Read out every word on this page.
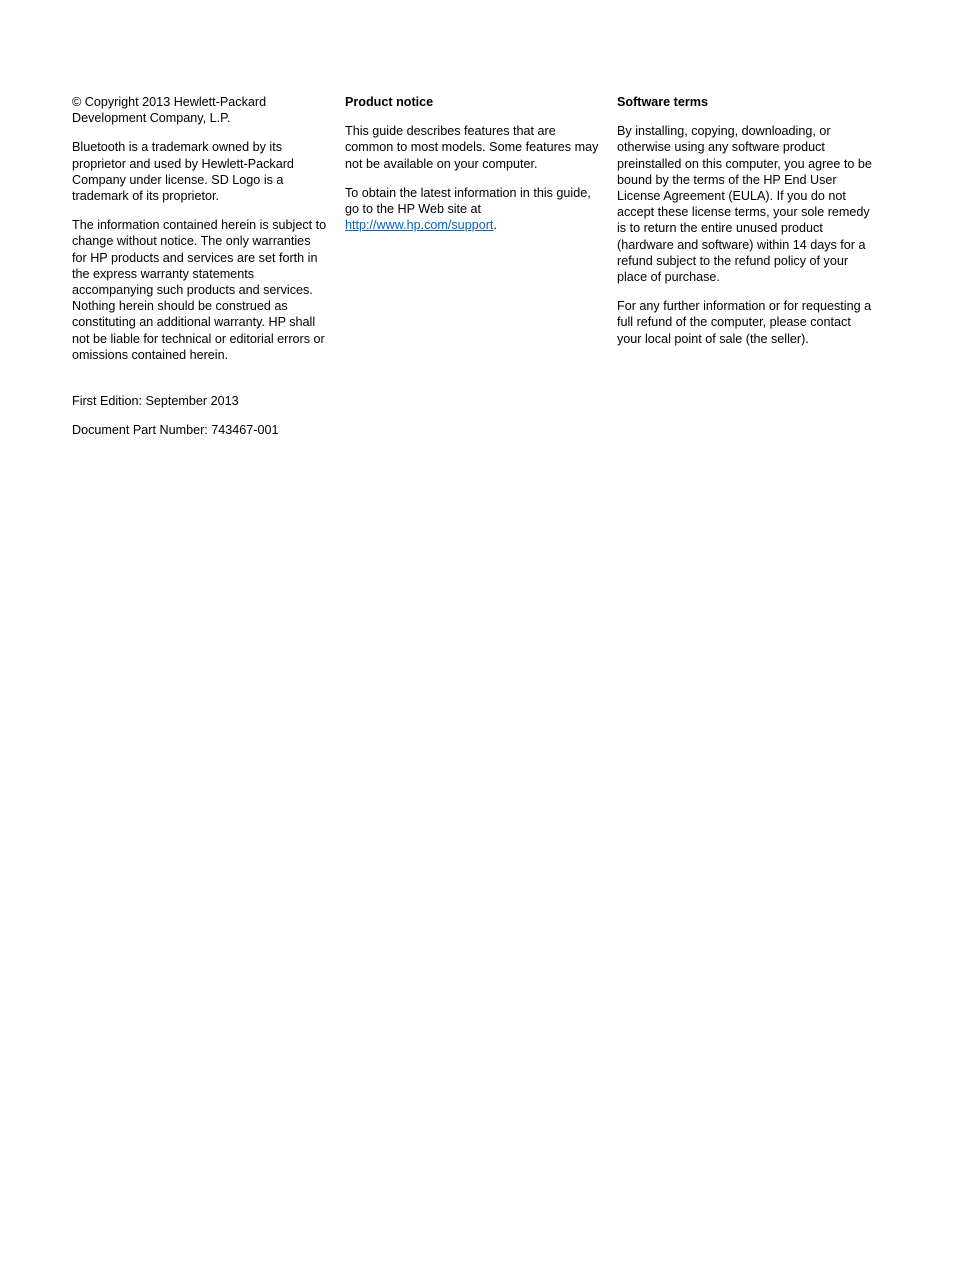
© Copyright 2013 Hewlett-Packard Development Company, L.P.

Bluetooth is a trademark owned by its proprietor and used by Hewlett-Packard Company under license. SD Logo is a trademark of its proprietor.

The information contained herein is subject to change without notice. The only warranties for HP products and services are set forth in the express warranty statements accompanying such products and services. Nothing herein should be construed as constituting an additional warranty. HP shall not be liable for technical or editorial errors or omissions contained herein.

First Edition: September 2013

Document Part Number: 743467-001

Product notice

This guide describes features that are common to most models. Some features may not be available on your computer.

To obtain the latest information in this guide, go to the HP Web site at http://www.hp.com/support.

Software terms

By installing, copying, downloading, or otherwise using any software product preinstalled on this computer, you agree to be bound by the terms of the HP End User License Agreement (EULA). If you do not accept these license terms, your sole remedy is to return the entire unused product (hardware and software) within 14 days for a refund subject to the refund policy of your place of purchase.

For any further information or for requesting a full refund of the computer, please contact your local point of sale (the seller).
